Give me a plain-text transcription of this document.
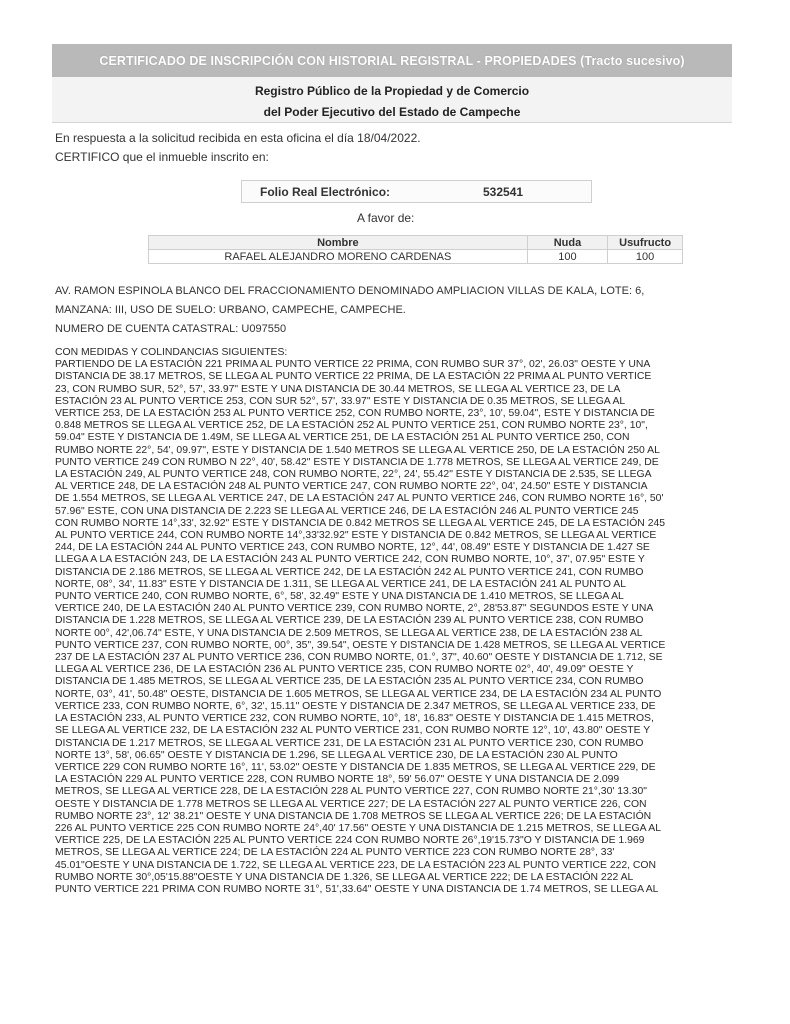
CERTIFICADO DE INSCRIPCIÓN CON HISTORIAL REGISTRAL - PROPIEDADES (Tracto sucesivo)
Registro Público de la Propiedad y de Comercio
del Poder Ejecutivo del Estado de Campeche
En respuesta a la solicitud recibida en esta oficina el día 18/04/2022.
CERTIFICO que el inmueble inscrito en:
Folio Real Electrónico:	532541
A favor de:
Nombre	Nuda	Usufructo
RAFAEL ALEJANDRO MORENO CARDENAS	100	100
AV. RAMON ESPINOLA BLANCO DEL FRACCIONAMIENTO DENOMINADO AMPLIACION VILLAS DE KALA, LOTE: 6,
MANZANA: III, USO DE SUELO: URBANO, CAMPECHE, CAMPECHE.
NUMERO DE CUENTA CATASTRAL: U097550

CON MEDIDAS Y COLINDANCIAS SIGUIENTES:

PARTIENDO DE LA ESTACIÓN 221 PRIMA AL PUNTO VERTICE 22 PRIMA, CON RUMBO SUR 37°, 02', 26.03" OESTE Y UNA

DISTANCIA DE 38.17 METROS, SE LLEGA AL PUNTO VERTICE 22 PRIMA, DE LA ESTACIÓN 22 PRIMA AL PUNTO VERTICE

23, CON RUMBO SUR, 52°, 57', 33.97" ESTE Y UNA DISTANCIA DE 30.44 METROS, SE LLEGA AL VERTICE 23, DE LA

ESTACIÓN 23 AL PUNTO VERTICE 253, CON SUR 52°, 57', 33.97" ESTE Y DISTANCIA DE 0.35 METROS, SE LLEGA AL

VERTICE 253, DE LA ESTACIÓN 253 AL PUNTO VERTICE 252, CON RUMBO NORTE, 23°, 10', 59.04", ESTE Y DISTANCIA DE

0.848 METROS SE LLEGA AL VERTICE 252, DE LA ESTACIÓN 252 AL PUNTO VERTICE 251, CON RUMBO NORTE 23°, 10",

59.04" ESTE Y DISTANCIA DE 1.49M, SE LLEGA AL VERTICE 251, DE LA ESTACIÓN 251 AL PUNTO VERTICE 250, CON

RUMBO NORTE 22°, 54', 09.97", ESTE Y DISTANCIA DE 1.540 METROS SE LLEGA AL VERTICE 250, DE LA ESTACIÓN 250 AL

PUNTO VERTICE 249 CON RUMBO N 22°, 40', 58.42" ESTE Y DISTANCIA DE 1.778 METROS, SE LLEGA AL VERTICE 249, DE

LA ESTACIÓN 249, AL PUNTO VERTICE 248, CON RUMBO NORTE, 22°, 24', 55.42" ESTE Y DISTANCIA DE 2.535, SE LLEGA

AL VERTICE 248, DE LA ESTACIÓN 248 AL PUNTO VERTICE 247, CON RUMBO NORTE 22°, 04', 24.50" ESTE Y DISTANCIA

DE 1.554 METROS, SE LLEGA AL VERTICE 247, DE LA ESTACIÓN 247 AL PUNTO VERTICE 246, CON RUMBO NORTE 16°, 50'

57.96" ESTE, CON UNA DISTANCIA DE 2.223 SE LLEGA AL VERTICE 246, DE LA ESTACIÓN 246 AL PUNTO VERTICE 245

CON RUMBO NORTE 14°,33', 32.92" ESTE Y DISTANCIA DE 0.842 METROS SE LLEGA AL VERTICE 245, DE LA ESTACIÓN 245

AL PUNTO VERTICE 244, CON RUMBO NORTE 14°,33'32.92" ESTE Y DISTANCIA DE 0.842 METROS, SE LLEGA AL VERTICE

244, DE LA ESTACIÓN 244 AL PUNTO VERTICE 243, CON RUMBO NORTE, 12°, 44', 08.49" ESTE Y DISTANCIA DE 1.427 SE

LLEGA A LA ESTACIÓN 243, DE LA ESTACIÓN 243 AL PUNTO VERTICE 242, CON RUMBO NORTE, 10°, 37', 07.95" ESTE Y

DISTANCIA DE 2.186 METROS, SE LLEGA AL VERTICE 242, DE LA ESTACIÓN 242 AL PUNTO VERTICE 241, CON RUMBO

NORTE, 08°, 34', 11.83" ESTE Y DISTANCIA DE 1.311, SE LLEGA AL VERTICE 241, DE LA ESTACIÓN 241 AL PUNTO AL

PUNTO VERTICE 240, CON RUMBO NORTE, 6°, 58', 32.49" ESTE Y UNA DISTANCIA DE 1.410 METROS, SE LLEGA AL

VERTICE 240, DE LA ESTACIÓN 240 AL PUNTO VERTICE 239, CON RUMBO NORTE, 2°, 28'53.87" SEGUNDOS ESTE Y UNA

DISTANCIA DE 1.228 METROS, SE LLEGA AL VERTICE 239, DE LA ESTACIÓN 239 AL PUNTO VERTICE 238, CON RUMBO

NORTE 00°, 42',06.74" ESTE, Y UNA DISTANCIA DE 2.509 METROS, SE LLEGA AL VERTICE 238, DE LA ESTACIÓN 238 AL

PUNTO VERTICE 237, CON RUMBO NORTE, 00°, 35", 39.54", OESTE Y DISTANCIA DE 1.428 METROS, SE LLEGA AL VERTICE

237 DE LA ESTACIÓN 237 AL PUNTO VERTICE 236, CON RUMBO NORTE, 01.°, 37", 40.60" OESTE Y DISTANCIA DE 1.712, SE

LLEGA AL VERTICE 236, DE LA ESTACIÓN 236 AL PUNTO VERTICE 235, CON RUMBO NORTE 02°, 40', 49.09" OESTE Y

DISTANCIA DE 1.485 METROS, SE LLEGA AL VERTICE 235, DE LA ESTACIÓN 235 AL PUNTO VERTICE 234, CON RUMBO

NORTE, 03°, 41', 50.48" OESTE, DISTANCIA DE 1.605 METROS, SE LLEGA AL VERTICE 234, DE LA ESTACIÓN 234 AL PUNTO

VERTICE 233, CON RUMBO NORTE, 6°, 32', 15.11" OESTE Y DISTANCIA DE 2.347 METROS, SE LLEGA AL VERTICE 233, DE

LA ESTACIÓN 233, AL PUNTO VERTICE 232, CON RUMBO NORTE, 10°, 18', 16.83" OESTE Y DISTANCIA DE 1.415 METROS,

SE LLEGA AL VERTICE 232, DE LA ESTACIÓN 232 AL PUNTO VERTICE 231, CON RUMBO NORTE 12°, 10', 43.80" OESTE Y

DISTANCIA DE 1.217 METROS, SE LLEGA AL VERTICE 231, DE LA ESTACIÓN 231 AL PUNTO VERTICE 230, CON RUMBO

NORTE 13°, 58', 06.65" OESTE Y DISTANCIA DE 1.296, SE LLEGA AL VERTICE 230, DE LA ESTACIÓN 230 AL PUNTO

VERTICE 229 CON RUMBO NORTE 16°, 11', 53.02" OESTE Y DISTANCIA DE 1.835 METROS, SE LLEGA AL VERTICE 229, DE

LA ESTACIÓN 229 AL PUNTO VERTICE 228, CON RUMBO NORTE 18°, 59' 56.07" OESTE Y UNA DISTANCIA DE 2.099

METROS, SE LLEGA AL VERTICE 228, DE LA ESTACIÓN 228 AL PUNTO VERTICE 227, CON RUMBO NORTE 21°,30' 13.30"

OESTE Y DISTANCIA DE 1.778 METROS SE LLEGA AL VERTICE 227; DE LA ESTACIÓN 227 AL PUNTO VERTICE 226, CON

RUMBO NORTE 23°, 12' 38.21" OESTE Y UNA DISTANCIA DE 1.708 METROS SE LLEGA AL VERTICE 226; DE LA ESTACIÓN

226 AL PUNTO VERTICE 225 CON RUMBO NORTE 24°,40' 17.56" OESTE Y UNA DISTANCIA DE 1.215 METROS, SE LLEGA AL

VERTICE 225, DE LA ESTACIÓN 225 AL PUNTO VERTICE 224 CON RUMBO NORTE 26°,19'15.73"O Y DISTANCIA DE 1.969

METROS, SE LLEGA AL VERTICE 224; DE LA ESTACIÓN 224 AL PUNTO VERTICE 223 CON RUMBO NORTE 28°, 33'

45.01"OESTE Y UNA DISTANCIA DE 1.722, SE LLEGA AL VERTICE 223, DE LA ESTACIÓN 223 AL PUNTO VERTICE 222, CON

RUMBO NORTE 30°,05'15.88"OESTE Y UNA DISTANCIA DE 1.326, SE LLEGA AL VERTICE 222; DE LA ESTACIÓN 222 AL

PUNTO VERTICE 221 PRIMA CON RUMBO NORTE 31°, 51',33.64" OESTE Y UNA DISTANCIA DE 1.74 METROS, SE LLEGA AL
